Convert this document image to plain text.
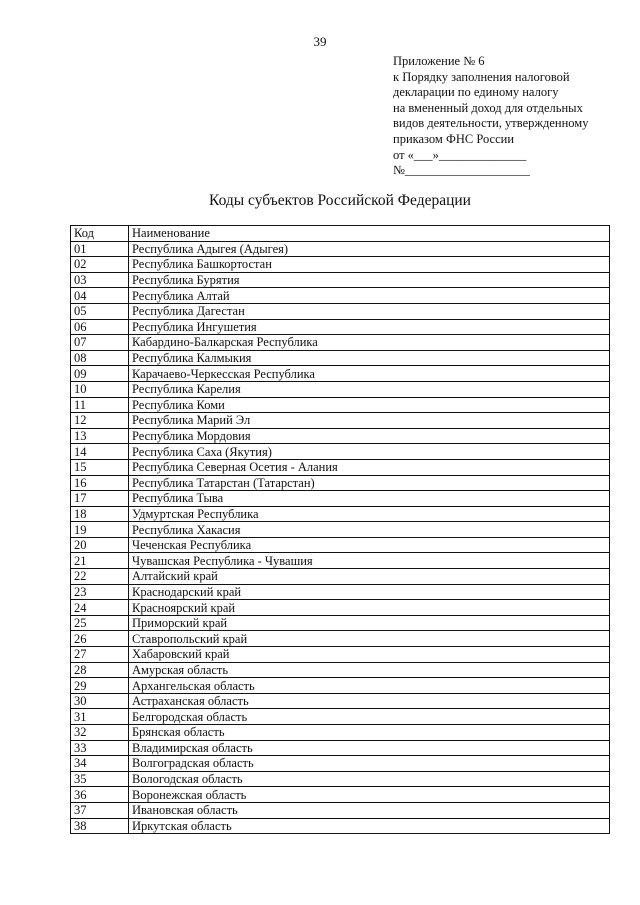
39
Приложение № 6
к Порядку заполнения налоговой
декларации по единому налогу
на вмененный доход для отдельных
видов деятельности, утвержденному
приказом ФНС России
от «___»______________
№____________________
Коды субъектов Российской Федерации
Код	Наименование
01	Республика Адыгея (Адыгея)
02	Республика Башкортостан
03	Республика Бурятия
04	Республика Алтай
05	Республика Дагестан
06	Республика Ингушетия
07	Кабардино-Балкарская Республика
08	Республика Калмыкия
09	Карачаево-Черкесская Республика
10	Республика Карелия
11	Республика Коми
12	Республика Марий Эл
13	Республика Мордовия
14	Республика Саха (Якутия)
15	Республика Северная Осетия - Алания
16	Республика Татарстан (Татарстан)
17	Республика Тыва
18	Удмуртская Республика
19	Республика Хакасия
20	Чеченская Республика
21	Чувашская Республика - Чувашия
22	Алтайский край
23	Краснодарский край
24	Красноярский край
25	Приморский край
26	Ставропольский край
27	Хабаровский край
28	Амурская область
29	Архангельская область
30	Астраханская область
31	Белгородская область
32	Брянская область
33	Владимирская область
34	Волгоградская область
35	Вологодская область
36	Воронежская область
37	Ивановская область
38	Иркутская область
